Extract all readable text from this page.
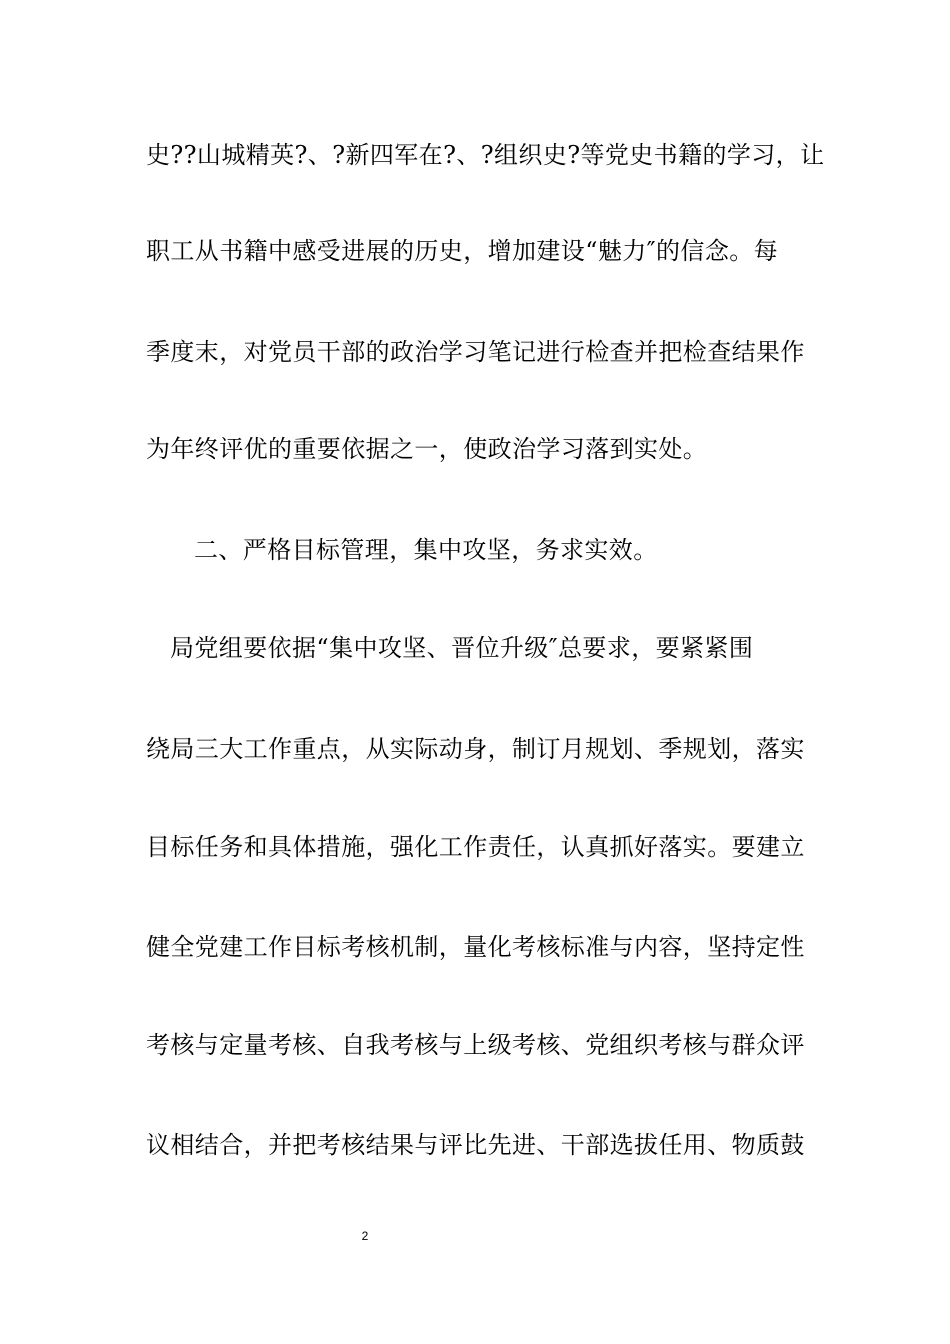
史??山城精英?、?新四军在?、?组织史?等党史书籍的学习，让
职工从书籍中感受进展的历史，增加建设“魅力″的信念。每
季度末，对党员干部的政治学习笔记进行检查并把检查结果作
为年终评优的重要依据之一，使政治学习落到实处。
二、严格目标管理，集中攻坚，务求实效。
局党组要依据“集中攻坚、晋位升级″总要求，要紧紧围
绕局三大工作重点，从实际动身，制订月规划、季规划，落实
目标任务和具体措施，强化工作责任，认真抓好落实。要建立
健全党建工作目标考核机制，量化考核标准与内容，坚持定性
考核与定量考核、自我考核与上级考核、党组织考核与群众评
议相结合，并把考核结果与评比先进、干部选拔任用、物质鼓
2
